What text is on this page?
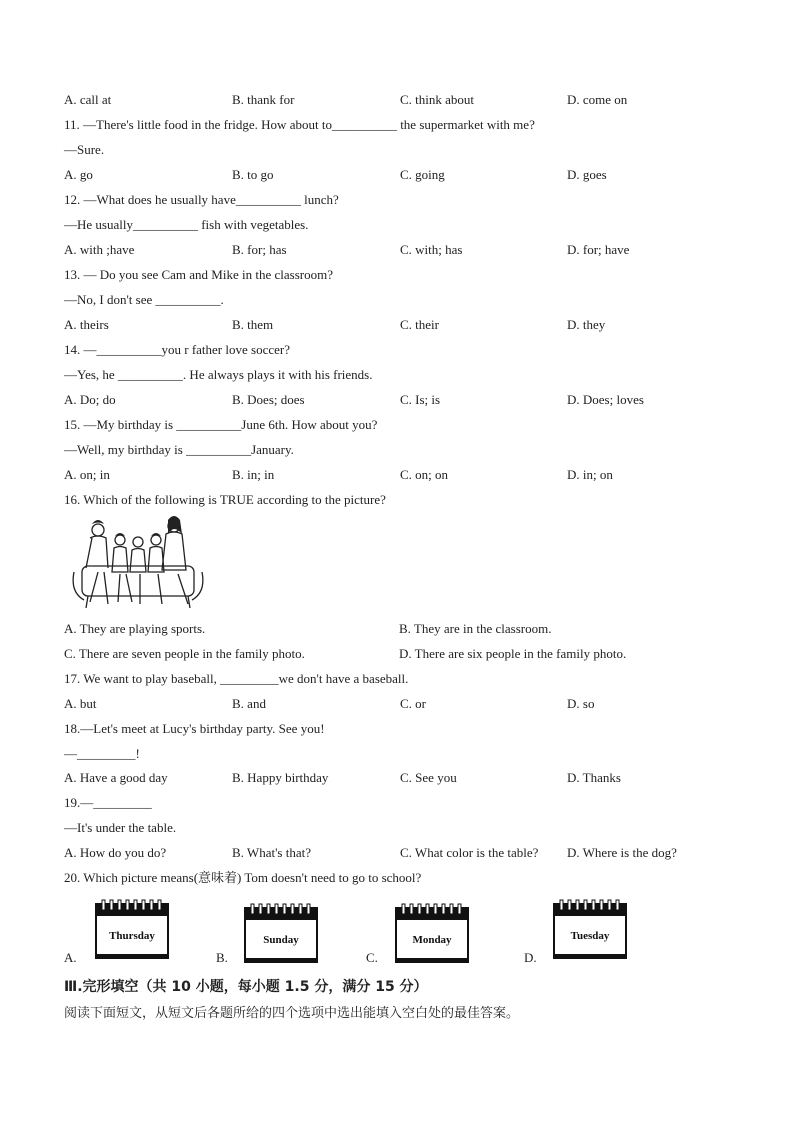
A. call at	B. thank for	C. think about	D. come on
11. —There's little food in the fridge. How about to__________ the supermarket with me?
—Sure.
A. go	B. to go	C. going	D. goes
12. —What does he usually have__________ lunch?
—He usually__________ fish with vegetables.
A. with ;have	B. for; has	C. with; has	D. for; have
13. — Do you see Cam and Mike in the classroom?
—No, I don't see __________.
A. theirs	B. them	C. their	D. they
14. —__________you r father love soccer?
—Yes, he __________. He always plays it with his friends.
A. Do; do	B. Does; does	C. Is; is	D. Does; loves
15. —My birthday is __________June 6th. How about you?
—Well, my birthday is __________January.
A. on; in	B. in; in	C. on; on	D. in; on
16. Which of the following is TRUE according to the picture?
A. They are playing sports.	B. They are in the classroom.
C. There are seven people in the family photo.	D. There are six people in the family photo.
17. We want to play baseball, _________we don't have a baseball.
A. but	B. and	C. or	D. so
18.—Let's meet at Lucy's birthday party. See you!
—_________!
A. Have a good day	B. Happy birthday	C. See you	D. Thanks
19.—_________
—It's under the table.
A. How do you do?	B. What's that?	C. What color is the table? D. Where is the dog?
20. Which picture means(意味着) Tom doesn't need to go to school?
A.
Thursday
B.
Sunday
C.
Monday
D.
Tuesday
Ⅲ.完形填空（共 10 小题，每小题 1.5 分，满分 15 分）
阅读下面短文，从短文后各题所给的四个选项中选出能填入空白处的最佳答案。
